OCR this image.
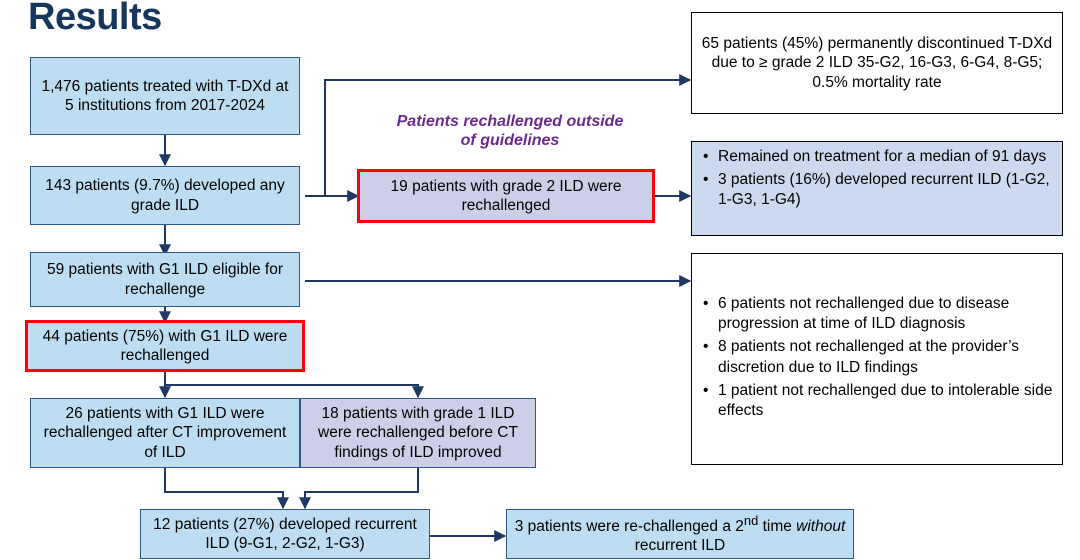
Results
1,476 patients treated with T-DXd at 5 institutions from 2017-2024
143 patients (9.7%) developed any grade ILD
59 patients with G1 ILD eligible for rechallenge
44 patients (75%) with G1 ILD were rechallenged
26 patients with G1 ILD were rechallenged after CT improvement of ILD
18 patients with grade 1 ILD were rechallenged before CT findings of ILD improved
12 patients (27%) developed recurrent ILD (9-G1, 2-G2, 1-G3)
3 patients were re-challenged a 2nd time without recurrent ILD
Patients rechallenged outside
of guidelines
19 patients with grade 2 ILD were rechallenged
65 patients (45%) permanently discontinued T-DXd due to ≥ grade 2 ILD 35-G2, 16-G3, 6-G4, 8-G5; 0.5% mortality rate
• Remained on treatment for a median of 91 days
• 3 patients (16%) developed recurrent ILD (1-G2, 1-G3, 1-G4)
• 6 patients not rechallenged due to disease progression at time of ILD diagnosis
• 8 patients not rechallenged at the provider’s discretion due to ILD findings
• 1 patient not rechallenged due to intolerable side effects
